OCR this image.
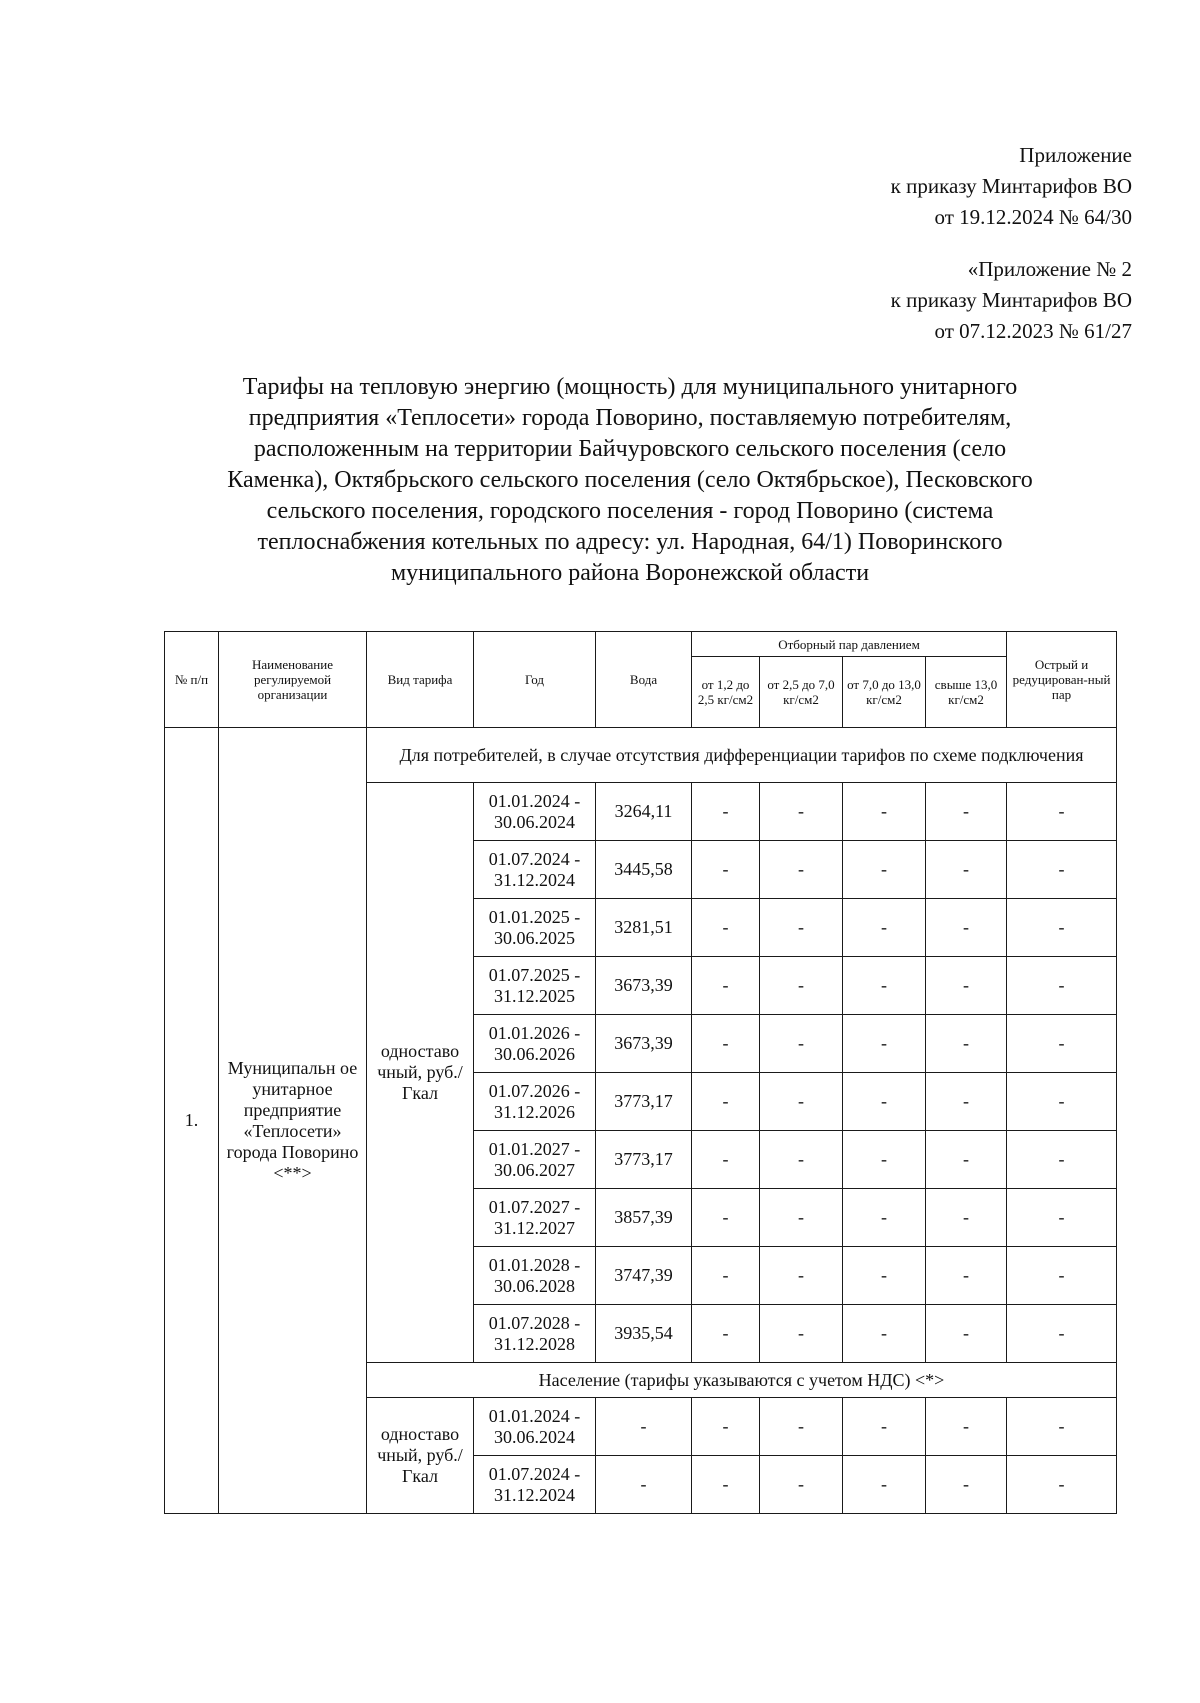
Приложение
к приказу Минтарифов ВО
от 19.12.2024 № 64/30
«Приложение № 2
к приказу Минтарифов ВО
от 07.12.2023 № 61/27
Тарифы на тепловую энергию (мощность) для муниципального унитарного
предприятия «Теплосети» города Поворино, поставляемую потребителям,
расположенным на территории Байчуровского сельского поселения (село
Каменка), Октябрьского сельского поселения (село Октябрьское), Песковского
сельского поселения, городского поселения - город Поворино (система
теплоснабжения котельных по адресу: ул. Народная, 64/1) Поворинского
муниципального района Воронежской области
№ п/п	Наименование регулируемой организации	Вид тарифа	Год	Вода	Отборный пар давлением				Острый и редуцирован-ный пар
					от 1,2 до 2,5 кг/см2	от 2,5 до 7,0 кг/см2	от 7,0 до 13,0 кг/см2	свыше 13,0 кг/см2	
1.	Муниципальн ое унитарное предприятие «Теплосети» города Поворино <**>	Для потребителей, в случае отсутствия дифференциации тарифов по схеме подключения							
		одноставо чный, руб./Гкал	01.01.2024 - 30.06.2024	3264,11	-	-	-	-	-
			01.07.2024 - 31.12.2024	3445,58	-	-	-	-	-
			01.01.2025 - 30.06.2025	3281,51	-	-	-	-	-
			01.07.2025 - 31.12.2025	3673,39	-	-	-	-	-
			01.01.2026 - 30.06.2026	3673,39	-	-	-	-	-
			01.07.2026 - 31.12.2026	3773,17	-	-	-	-	-
			01.01.2027 - 30.06.2027	3773,17	-	-	-	-	-
			01.07.2027 - 31.12.2027	3857,39	-	-	-	-	-
			01.01.2028 - 30.06.2028	3747,39	-	-	-	-	-
			01.07.2028 - 31.12.2028	3935,54	-	-	-	-	-
		Население (тарифы указываются с учетом НДС) <*>							
		одноставо чный, руб./Гкал	01.01.2024 - 30.06.2024	-	-	-	-	-	-
			01.07.2024 - 31.12.2024	-	-	-	-	-	-
